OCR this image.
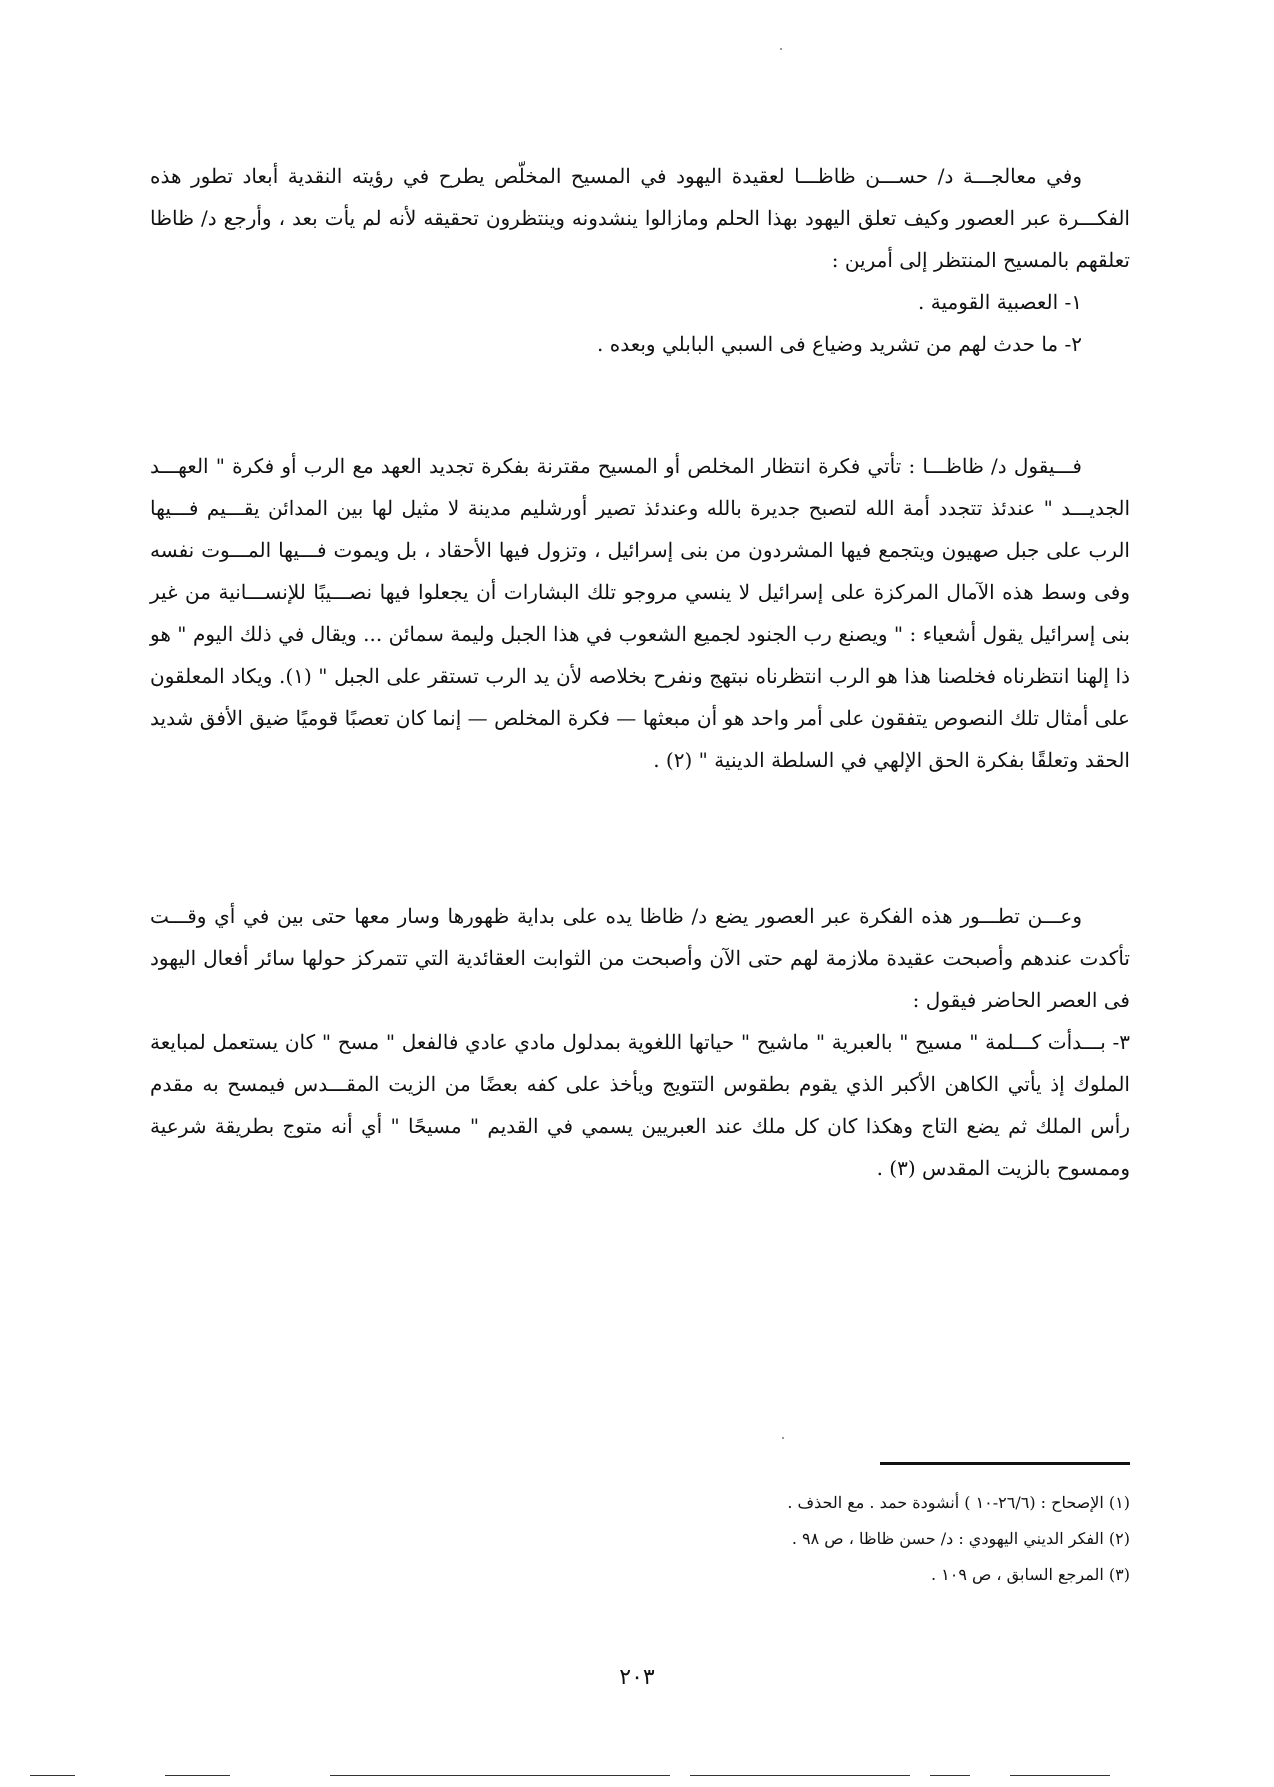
وفي معالجـــة د/ حســـن ظاظـــا لعقيدة اليهود في المسيح المخلّص يطرح في رؤيته النقدية أبعاد تطور هذه الفكـــرة عبر العصور وكيف تعلق اليهود بهذا الحلم ومازالوا ينشدونه وينتظرون تحقيقه لأنه لم يأت بعد ، وأرجع د/ ظاظا تعلقهم بالمسيح المنتظر إلى أمرين :

١- العصبية القومية .
٢- ما حدث لهم من تشريد وضياع فى السبي البابلي وبعده .

فـــيقول د/ ظاظـــا : تأتي فكرة انتظار المخلص أو المسيح مقترنة بفكرة تجديد العهد مع الرب أو فكرة " العهـــد الجديـــد " عندئذ تتجدد أمة الله لتصبح جديرة بالله وعندئذ تصير أورشليم مدينة لا مثيل لها بين المدائن يقـــيم فـــيها الرب على جبل صهيون ويتجمع فيها المشردون من بنى إسرائيل ، وتزول فيها الأحقاد ، بل ويموت فـــيها المـــوت نفسه وفى وسط هذه الآمال المركزة على إسرائيل لا ينسي مروجو تلك البشارات أن يجعلوا فيها نصـــيبًا للإنســـانية من غير بنى إسرائيل يقول أشعياء : " ويصنع رب الجنود لجميع الشعوب في هذا الجبل وليمة سمائن ... ويقال في ذلك اليوم " هو ذا إلهنا انتظرناه فخلصنا هذا هو الرب انتظرناه نبتهج ونفرح بخلاصه لأن يد الرب تستقر على الجبل " (١). ويكاد المعلقون على أمثال تلك النصوص يتفقون على أمر واحد هو أن مبعثها — فكرة المخلص — إنما كان تعصبًا قوميًا ضيق الأفق شديد الحقد وتعلقًا بفكرة الحق الإلهي في السلطة الدينية " (٢) .

وعـــن تطـــور هذه الفكرة عبر العصور يضع د/ ظاظا يده على بداية ظهورها وسار معها حتى بين في أي وقـــت تأكدت عندهم وأصبحت عقيدة ملازمة لهم حتى الآن وأصبحت من الثوابت العقائدية التي تتمركز حولها سائر أفعال اليهود فى العصر الحاضر فيقول :

٣- بـــدأت كـــلمة " مسيح " بالعبرية " ماشيح " حياتها اللغوية بمدلول مادي عادي فالفعل " مسح " كان يستعمل لمبايعة الملوك إذ يأتي الكاهن الأكبر الذي يقوم بطقوس التتويج ويأخذ على كفه بعضًا من الزيت المقـــدس فيمسح به مقدم رأس الملك ثم يضع التاج وهكذا كان كل ملك عند العبريين يسمي في القديم " مسيحًا " أي أنه متوج بطريقة شرعية وممسوح بالزيت المقدس (٣) .
(١) الإصحاح : (٢٦/٦-١٠ ) أنشودة حمد . مع الحذف .
(٢) الفكر الديني اليهودي : د/ حسن ظاظا ، ص ٩٨ .
(٣) المرجع السابق ، ص ١٠٩ .
٢٠٣
